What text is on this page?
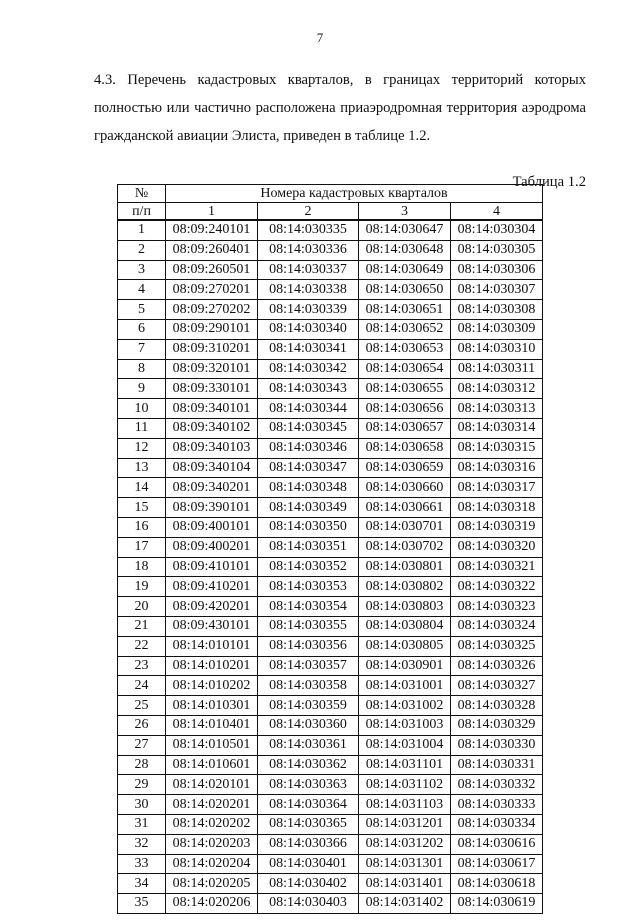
7
4.3. Перечень кадастровых кварталов, в границах территорий которых полностью или частично расположена приаэродромная территория аэродрома гражданской авиации Элиста, приведен в таблице 1.2.
Таблица 1.2
№	Номера кадастровых кварталов			
п/п	1	2	3	4
1	08:09:240101	08:14:030335	08:14:030647	08:14:030304
2	08:09:260401	08:14:030336	08:14:030648	08:14:030305
3	08:09:260501	08:14:030337	08:14:030649	08:14:030306
4	08:09:270201	08:14:030338	08:14:030650	08:14:030307
5	08:09:270202	08:14:030339	08:14:030651	08:14:030308
6	08:09:290101	08:14:030340	08:14:030652	08:14:030309
7	08:09:310201	08:14:030341	08:14:030653	08:14:030310
8	08:09:320101	08:14:030342	08:14:030654	08:14:030311
9	08:09:330101	08:14:030343	08:14:030655	08:14:030312
10	08:09:340101	08:14:030344	08:14:030656	08:14:030313
11	08:09:340102	08:14:030345	08:14:030657	08:14:030314
12	08:09:340103	08:14:030346	08:14:030658	08:14:030315
13	08:09:340104	08:14:030347	08:14:030659	08:14:030316
14	08:09:340201	08:14:030348	08:14:030660	08:14:030317
15	08:09:390101	08:14:030349	08:14:030661	08:14:030318
16	08:09:400101	08:14:030350	08:14:030701	08:14:030319
17	08:09:400201	08:14:030351	08:14:030702	08:14:030320
18	08:09:410101	08:14:030352	08:14:030801	08:14:030321
19	08:09:410201	08:14:030353	08:14:030802	08:14:030322
20	08:09:420201	08:14:030354	08:14:030803	08:14:030323
21	08:09:430101	08:14:030355	08:14:030804	08:14:030324
22	08:14:010101	08:14:030356	08:14:030805	08:14:030325
23	08:14:010201	08:14:030357	08:14:030901	08:14:030326
24	08:14:010202	08:14:030358	08:14:031001	08:14:030327
25	08:14:010301	08:14:030359	08:14:031002	08:14:030328
26	08:14:010401	08:14:030360	08:14:031003	08:14:030329
27	08:14:010501	08:14:030361	08:14:031004	08:14:030330
28	08:14:010601	08:14:030362	08:14:031101	08:14:030331
29	08:14:020101	08:14:030363	08:14:031102	08:14:030332
30	08:14:020201	08:14:030364	08:14:031103	08:14:030333
31	08:14:020202	08:14:030365	08:14:031201	08:14:030334
32	08:14:020203	08:14:030366	08:14:031202	08:14:030616
33	08:14:020204	08:14:030401	08:14:031301	08:14:030617
34	08:14:020205	08:14:030402	08:14:031401	08:14:030618
35	08:14:020206	08:14:030403	08:14:031402	08:14:030619
